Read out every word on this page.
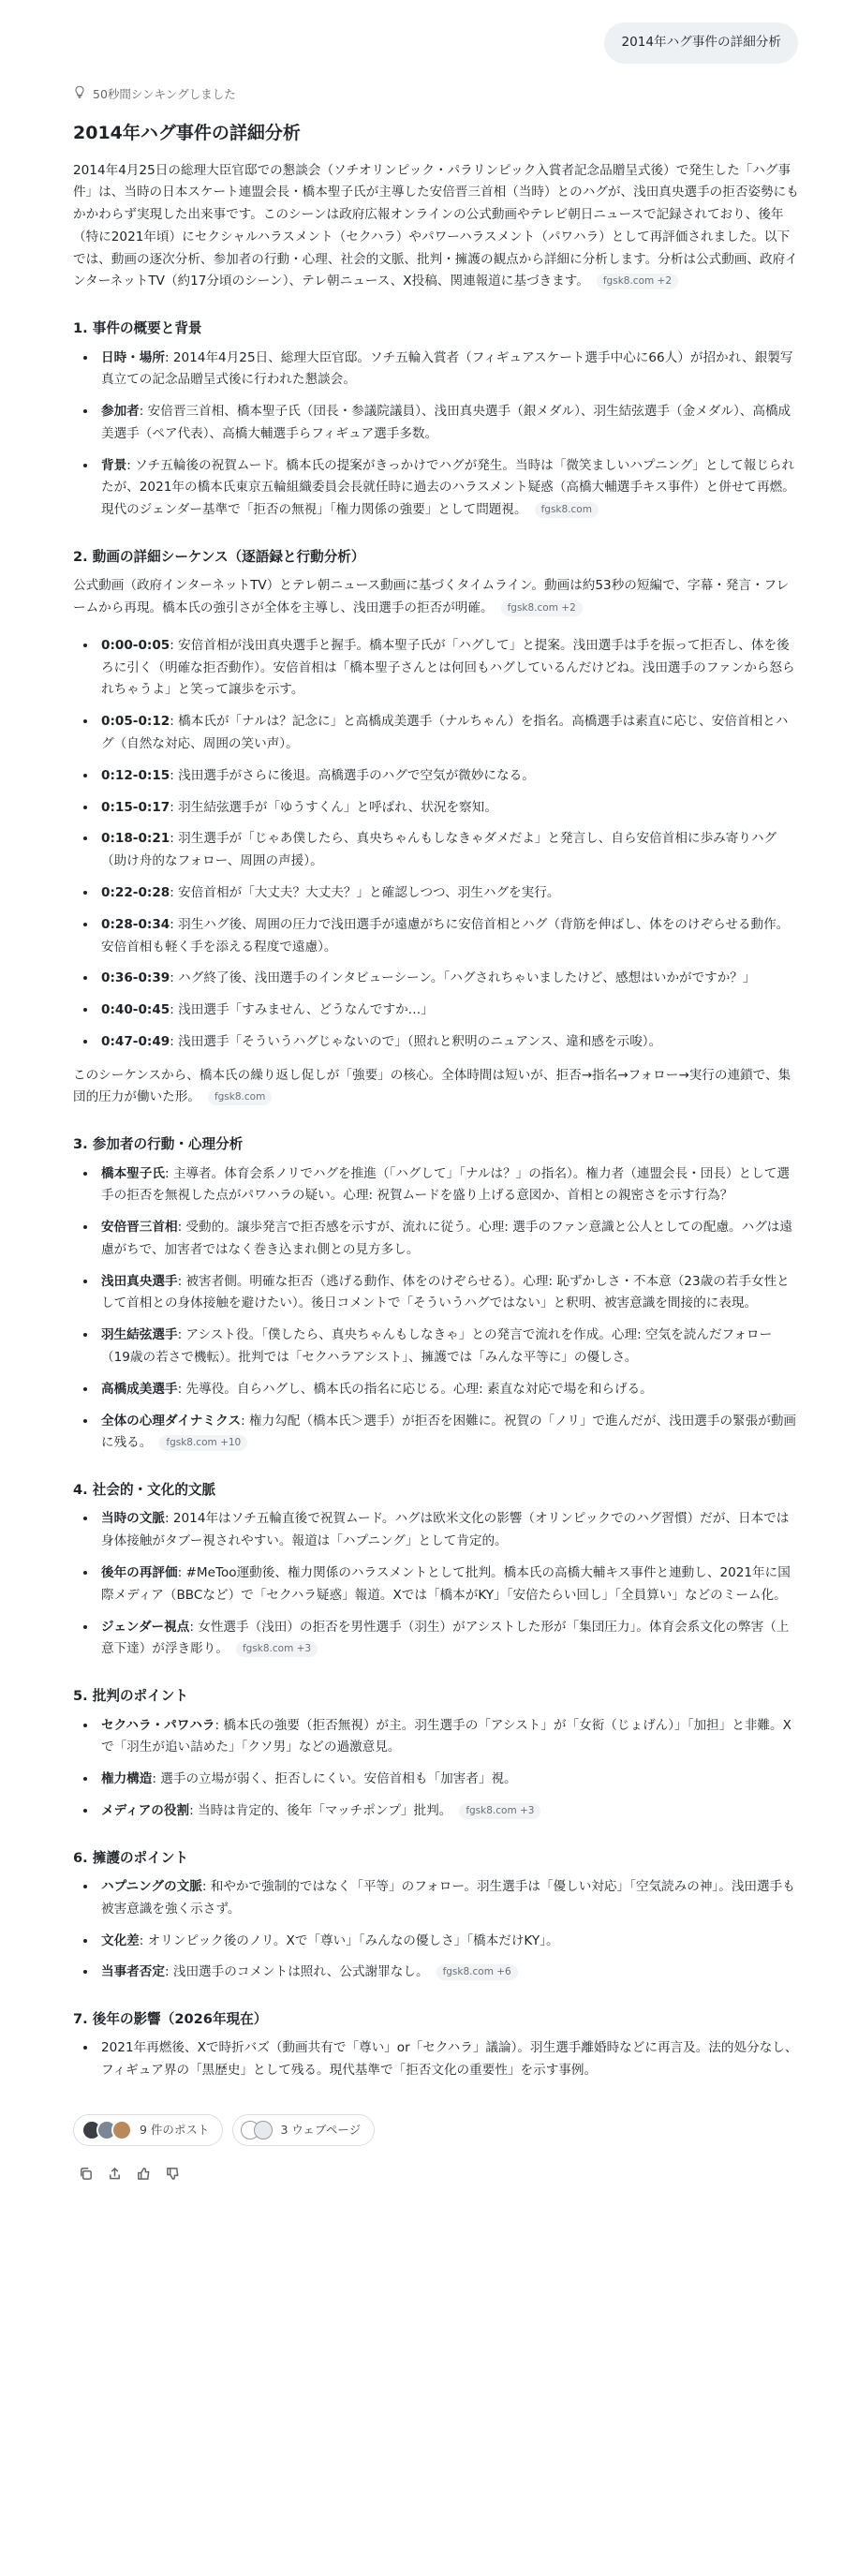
2014年ハグ事件の詳細分析
50秒間シンキングしました
2014年ハグ事件の詳細分析

2014年4月25日の総理大臣官邸での懇談会（ソチオリンピック・パラリンピック入賞者記念品贈呈式後）で発生した「ハグ事件」は、当時の日本スケート連盟会長・橋本聖子氏が主導した安倍晋三首相（当時）とのハグが、浅田真央選手の拒否姿勢にもかかわらず実現した出来事です。このシーンは政府広報オンラインの公式動画やテレビ朝日ニュースで記録されており、後年（特に2021年頃）にセクシャルハラスメント（セクハラ）やパワーハラスメント（パワハラ）として再評価されました。以下では、動画の逐次分析、参加者の行動・心理、社会的文脈、批判・擁護の観点から詳細に分析します。分析は公式動画、政府インターネットTV（約17分頃のシーン）、テレ朝ニュース、X投稿、関連報道に基づきます。 fgsk8.com +2

1. 事件の概要と背景
• 日時・場所: 2014年4月25日、総理大臣官邸。ソチ五輪入賞者（フィギュアスケート選手中心に66人）が招かれ、銀製写真立ての記念品贈呈式後に行われた懇談会。
• 参加者: 安倍晋三首相、橋本聖子氏（団長・参議院議員）、浅田真央選手（銀メダル）、羽生結弦選手（金メダル）、高橋成美選手（ペア代表）、高橋大輔選手らフィギュア選手多数。
• 背景: ソチ五輪後の祝賀ムード。橋本氏の提案がきっかけでハグが発生。当時は「微笑ましいハプニング」として報じられたが、2021年の橋本氏東京五輪組織委員会長就任時に過去のハラスメント疑惑（高橋大輔選手キス事件）と併せて再燃。現代のジェンダー基準で「拒否の無視」「権力関係の強要」として問題視。 fgsk8.com
2. 動画の詳細シーケンス（逐語録と行動分析）

公式動画（政府インターネットTV）とテレ朝ニュース動画に基づくタイムライン。動画は約53秒の短編で、字幕・発言・フレームから再現。橋本氏の強引さが全体を主導し、浅田選手の拒否が明確。 fgsk8.com +2

• 0:00-0:05: 安倍首相が浅田真央選手と握手。橋本聖子氏が「ハグして」と提案。浅田選手は手を振って拒否し、体を後ろに引く（明確な拒否動作）。安倍首相は「橋本聖子さんとは何回もハグしているんだけどね。浅田選手のファンから怒られちゃうよ」と笑って譲歩を示す。
• 0:05-0:12: 橋本氏が「ナルは？記念に」と高橋成美選手（ナルちゃん）を指名。高橋選手は素直に応じ、安倍首相とハグ（自然な対応、周囲の笑い声）。
• 0:12-0:15: 浅田選手がさらに後退。高橋選手のハグで空気が微妙になる。
• 0:15-0:17: 羽生結弦選手が「ゆうすくん」と呼ばれ、状況を察知。
• 0:18-0:21: 羽生選手が「じゃあ僕したら、真央ちゃんもしなきゃダメだよ」と発言し、自ら安倍首相に歩み寄りハグ（助け舟的なフォロー、周囲の声援）。
• 0:22-0:28: 安倍首相が「大丈夫？大丈夫？」と確認しつつ、羽生ハグを実行。
• 0:28-0:34: 羽生ハグ後、周囲の圧力で浅田選手が遠慮がちに安倍首相とハグ（背筋を伸ばし、体をのけぞらせる動作。安倍首相も軽く手を添える程度で遠慮）。
• 0:36-0:39: ハグ終了後、浅田選手のインタビューシーン。「ハグされちゃいましたけど、感想はいかがですか？」
• 0:40-0:45: 浅田選手「すみません、どうなんですか…」
• 0:47-0:49: 浅田選手「そういうハグじゃないので」（照れと釈明のニュアンス、違和感を示唆）。

このシーケンスから、橋本氏の繰り返し促しが「強要」の核心。全体時間は短いが、拒否→指名→フォロー→実行の連鎖で、集団的圧力が働いた形。 fgsk8.com

3. 参加者の行動・心理分析
• 橋本聖子氏: 主導者。体育会系ノリでハグを推進（「ハグして」「ナルは？」の指名）。権力者（連盟会長・団長）として選手の拒否を無視した点がパワハラの疑い。心理: 祝賀ムードを盛り上げる意図か、首相との親密さを示す行為？
• 安倍晋三首相: 受動的。譲歩発言で拒否感を示すが、流れに従う。心理: 選手のファン意識と公人としての配慮。ハグは遠慮がちで、加害者ではなく巻き込まれ側との見方多し。
• 浅田真央選手: 被害者側。明確な拒否（逃げる動作、体をのけぞらせる）。心理: 恥ずかしさ・不本意（23歳の若手女性として首相との身体接触を避けたい）。後日コメントで「そういうハグではない」と釈明、被害意識を間接的に表現。
• 羽生結弦選手: アシスト役。「僕したら、真央ちゃんもしなきゃ」との発言で流れを作成。心理: 空気を読んだフォロー（19歳の若さで機転）。批判では「セクハラアシスト」、擁護では「みんな平等に」の優しさ。
• 高橋成美選手: 先導役。自らハグし、橋本氏の指名に応じる。心理: 素直な対応で場を和らげる。
• 全体の心理ダイナミクス: 権力勾配（橋本氏＞選手）が拒否を困難に。祝賀の「ノリ」で進んだが、浅田選手の緊張が動画に残る。 fgsk8.com +10
4. 社会的・文化的文脈
• 当時の文脈: 2014年はソチ五輪直後で祝賀ムード。ハグは欧米文化の影響（オリンピックでのハグ習慣）だが、日本では身体接触がタブー視されやすい。報道は「ハプニング」として肯定的。
• 後年の再評価: #MeToo運動後、権力関係のハラスメントとして批判。橋本氏の高橋大輔キス事件と連動し、2021年に国際メディア（BBCなど）で「セクハラ疑惑」報道。Xでは「橋本がKY」「安倍たらい回し」「全員算い」などのミーム化。
• ジェンダー視点: 女性選手（浅田）の拒否を男性選手（羽生）がアシストした形が「集団圧力」。体育会系文化の弊害（上意下達）が浮き彫り。 fgsk8.com +3
5. 批判のポイント
• セクハラ・パワハラ: 橋本氏の強要（拒否無視）が主。羽生選手の「アシスト」が「女衒（じょげん）」「加担」と非難。Xで「羽生が追い詰めた」「クソ男」などの過激意見。
• 権力構造: 選手の立場が弱く、拒否しにくい。安倍首相も「加害者」視。
• メディアの役割: 当時は肯定的、後年「マッチポンプ」批判。 fgsk8.com +3
6. 擁護のポイント
• ハプニングの文脈: 和やかで強制的ではなく「平等」のフォロー。羽生選手は「優しい対応」「空気読みの神」。浅田選手も被害意識を強く示さず。
• 文化差: オリンピック後のノリ。Xで「尊い」「みんなの優しさ」「橋本だけKY」。
• 当事者否定: 浅田選手のコメントは照れ、公式謝罪なし。 fgsk8.com +6
7. 後年の影響（2026年現在）
• 2021年再燃後、Xで時折バズ（動画共有で「尊い」or「セクハラ」議論）。羽生選手離婚時などに再言及。法的処分なし、フィギュア界の「黒歴史」として残る。現代基準で「拒否文化の重要性」を示す事例。
9 件のポスト	3 ウェブページ
